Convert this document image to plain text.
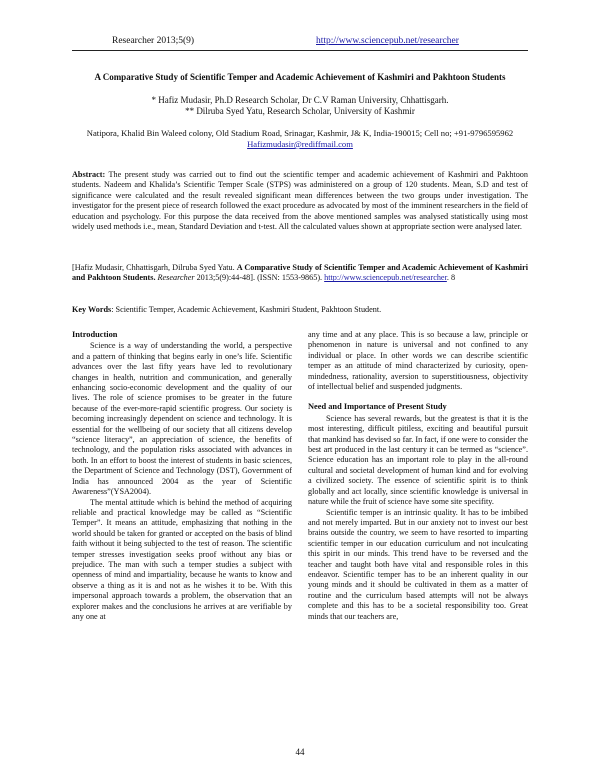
Researcher 2013;5(9)	http://www.sciencepub.net/researcher
A Comparative Study of Scientific Temper and Academic Achievement of Kashmiri and Pakhtoon Students
* Hafiz Mudasir, Ph.D Research Scholar, Dr C.V Raman University, Chhattisgarh.
** Dilruba Syed Yatu, Research Scholar, University of Kashmir
Natipora, Khalid Bin Waleed colony, Old Stadium Road, Srinagar, Kashmir, J& K, India-190015; Cell no; +91-9796595962
Hafizmudasir@rediffmail.com
Abstract: The present study was carried out to find out the scientific temper and academic achievement of Kashmiri and Pakhtoon students. Nadeem and Khalida’s Scientific Temper Scale (STPS) was administered on a group of 120 students. Mean, S.D and test of significance were calculated and the result revealed significant mean differences between the two groups under investigation. The investigator for the present piece of research followed the exact procedure as advocated by most of the imminent researchers in the field of education and psychology. For this purpose the data received from the above mentioned samples was analysed statistically using most widely used methods i.e., mean, Standard Deviation and t-test. All the calculated values shown at appropriate section were analysed later.
[Hafiz Mudasir, Chhattisgarh, Dilruba Syed Yatu. A Comparative Study of Scientific Temper and Academic Achievement of Kashmiri and Pakhtoon Students. Researcher 2013;5(9):44-48]. (ISSN: 1553-9865). http://www.sciencepub.net/researcher. 8
Key Words: Scientific Temper, Academic Achievement, Kashmiri Student, Pakhtoon Student.
Introduction

Science is a way of understanding the world, a perspective and a pattern of thinking that begins early in one’s life. Scientific advances over the last fifty years have led to revolutionary changes in health, nutrition and communication, and generally enhancing socio-economic development and the quality of our lives. The role of science promises to be greater in the future because of the ever-more-rapid scientific progress. Our society is becoming increasingly dependent on science and technology. It is essential for the wellbeing of our society that all citizens develop “science literacy”, an appreciation of science, the benefits of technology, and the population risks associated with advances in both. In an effort to boost the interest of students in basic sciences, the Department of Science and Technology (DST), Government of India has announced 2004 as the year of Scientific Awareness”(YSA2004).

The mental attitude which is behind the method of acquiring reliable and practical knowledge may be called as “Scientific Temper”. It means an attitude, emphasizing that nothing in the world should be taken for granted or accepted on the basis of blind faith without it being subjected to the test of reason. The scientific temper stresses investigation seeks proof without any bias or prejudice. The man with such a temper studies a subject with openness of mind and impartiality, because he wants to know and observe a thing as it is and not as he wishes it to be. With this impersonal approach towards a problem, the observation that an explorer makes and the conclusions he arrives at are verifiable by any one at

any time and at any place. This is so because a law, principle or phenomenon in nature is universal and not confined to any individual or place. In other words we can describe scientific temper as an attitude of mind characterized by curiosity, open-mindedness, rationality, aversion to superstitiousness, objectivity of intellectual belief and suspended judgments.

Need and Importance of Present Study

Science has several rewards, but the greatest is that it is the most interesting, difficult pitiless, exciting and beautiful pursuit that mankind has devised so far. In fact, if one were to consider the best art produced in the last century it can be termed as “science”. Science education has an important role to play in the all-round cultural and societal development of human kind and for evolving a civilized society. The essence of scientific spirit is to think globally and act locally, since scientific knowledge is universal in nature while the fruit of science have some site specifity.

Scientific temper is an intrinsic quality. It has to be imbibed and not merely imparted. But in our anxiety not to invest our best brains outside the country, we seem to have resorted to imparting scientific temper in our education curriculum and not inculcating this spirit in our minds. This trend have to be reversed and the teacher and taught both have vital and responsible roles in this endeavor. Scientific temper has to be an inherent quality in our young minds and it should be cultivated in them as a matter of routine and the curriculum based attempts will not be always complete and this has to be a societal responsibility too. Great minds that our teachers are,

44
